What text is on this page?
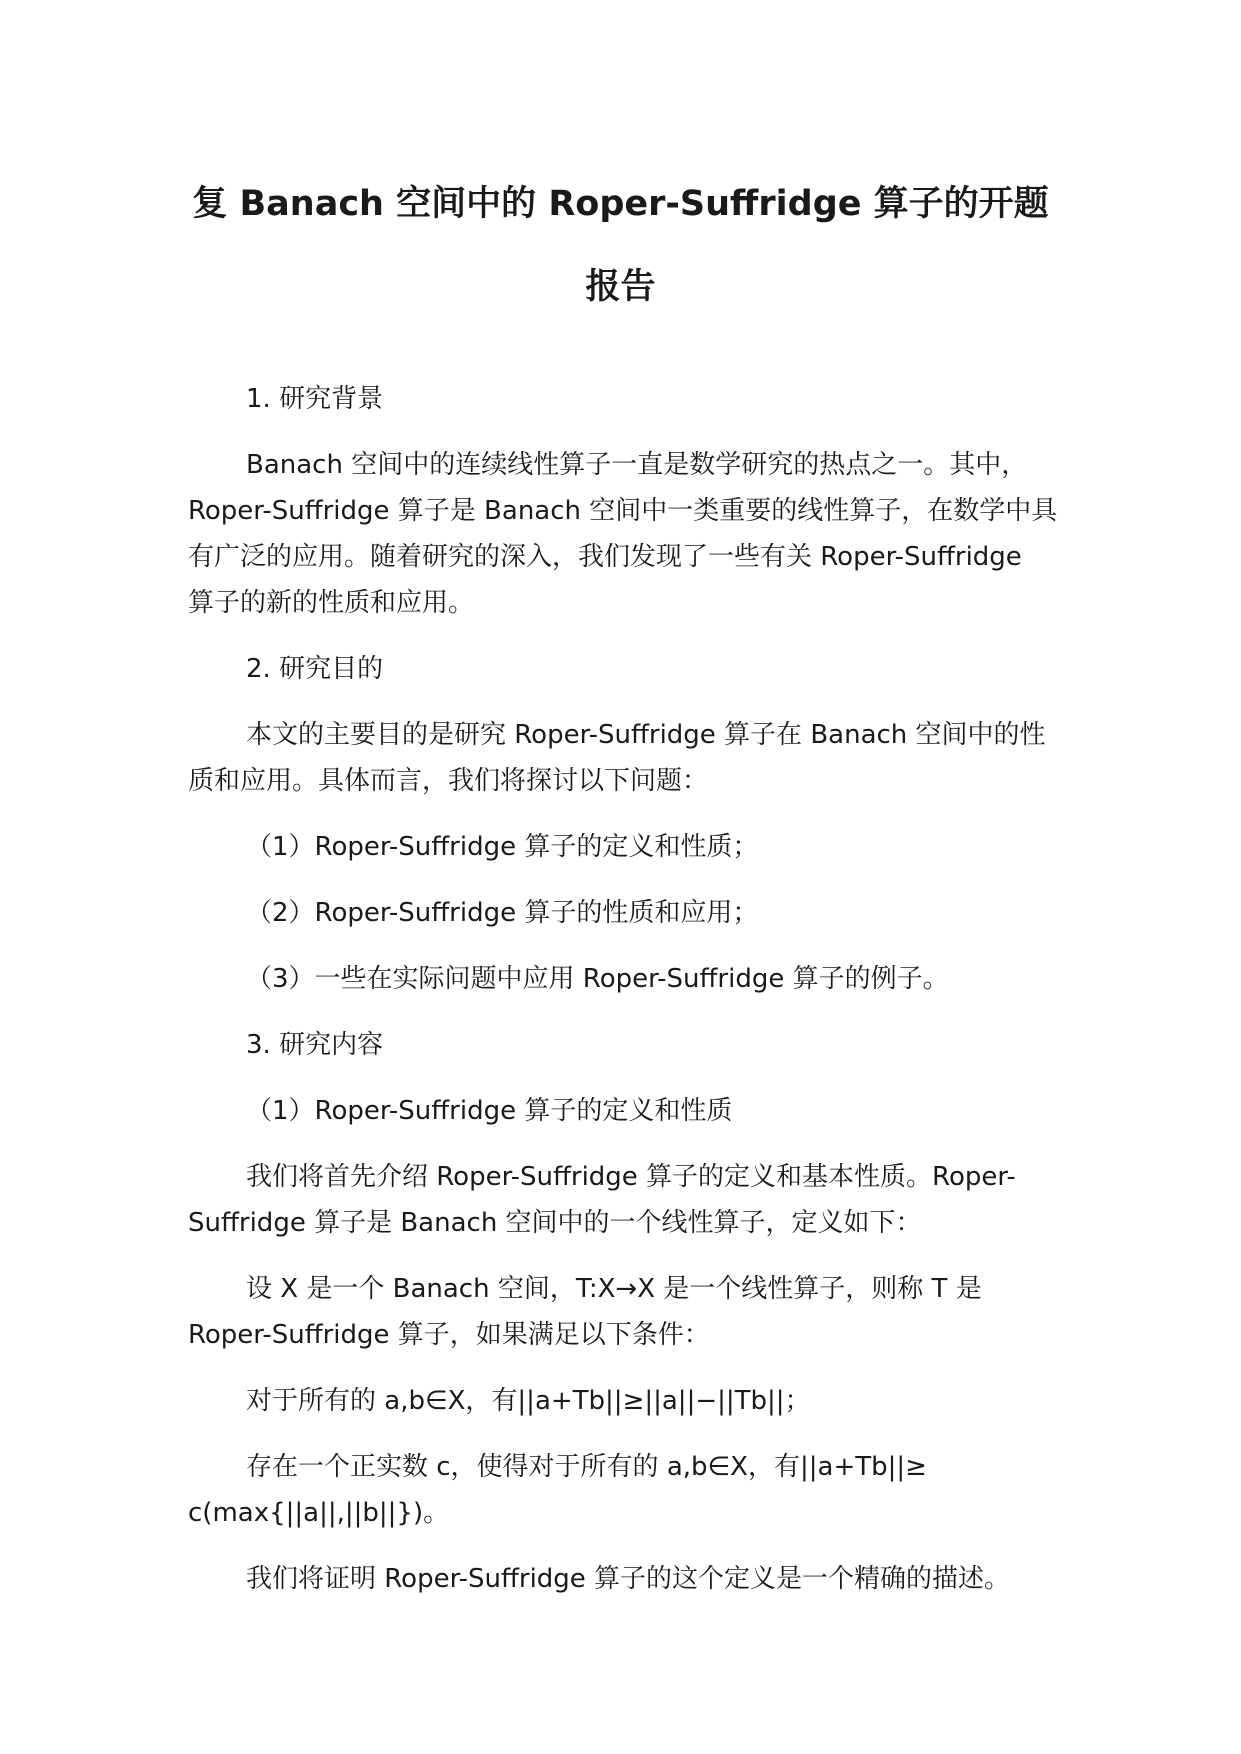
复 Banach 空间中的 Roper-Suffridge 算子的开题
报告
1. 研究背景
Banach 空间中的连续线性算子一直是数学研究的热点之一。其中，
Roper-Suffridge 算子是 Banach 空间中一类重要的线性算子，在数学中具
有广泛的应用。随着研究的深入，我们发现了一些有关 Roper-Suffridge
算子的新的性质和应用。
2. 研究目的
本文的主要目的是研究 Roper-Suffridge 算子在 Banach 空间中的性
质和应用。具体而言，我们将探讨以下问题：
（1）Roper-Suffridge 算子的定义和性质；
（2）Roper-Suffridge 算子的性质和应用；
（3）一些在实际问题中应用 Roper-Suffridge 算子的例子。
3. 研究内容
（1）Roper-Suffridge 算子的定义和性质
我们将首先介绍 Roper-Suffridge 算子的定义和基本性质。Roper-
Suffridge 算子是 Banach 空间中的一个线性算子，定义如下：
设 X 是一个 Banach 空间，T:X→X 是一个线性算子，则称 T 是
Roper-Suffridge 算子，如果满足以下条件：
对于所有的 a,b∈X，有||a+Tb||≥||a||−||Tb||；
存在一个正实数 c，使得对于所有的 a,b∈X，有||a+Tb||≥
c(max{||a||,||b||})。
我们将证明 Roper-Suffridge 算子的这个定义是一个精确的描述。
